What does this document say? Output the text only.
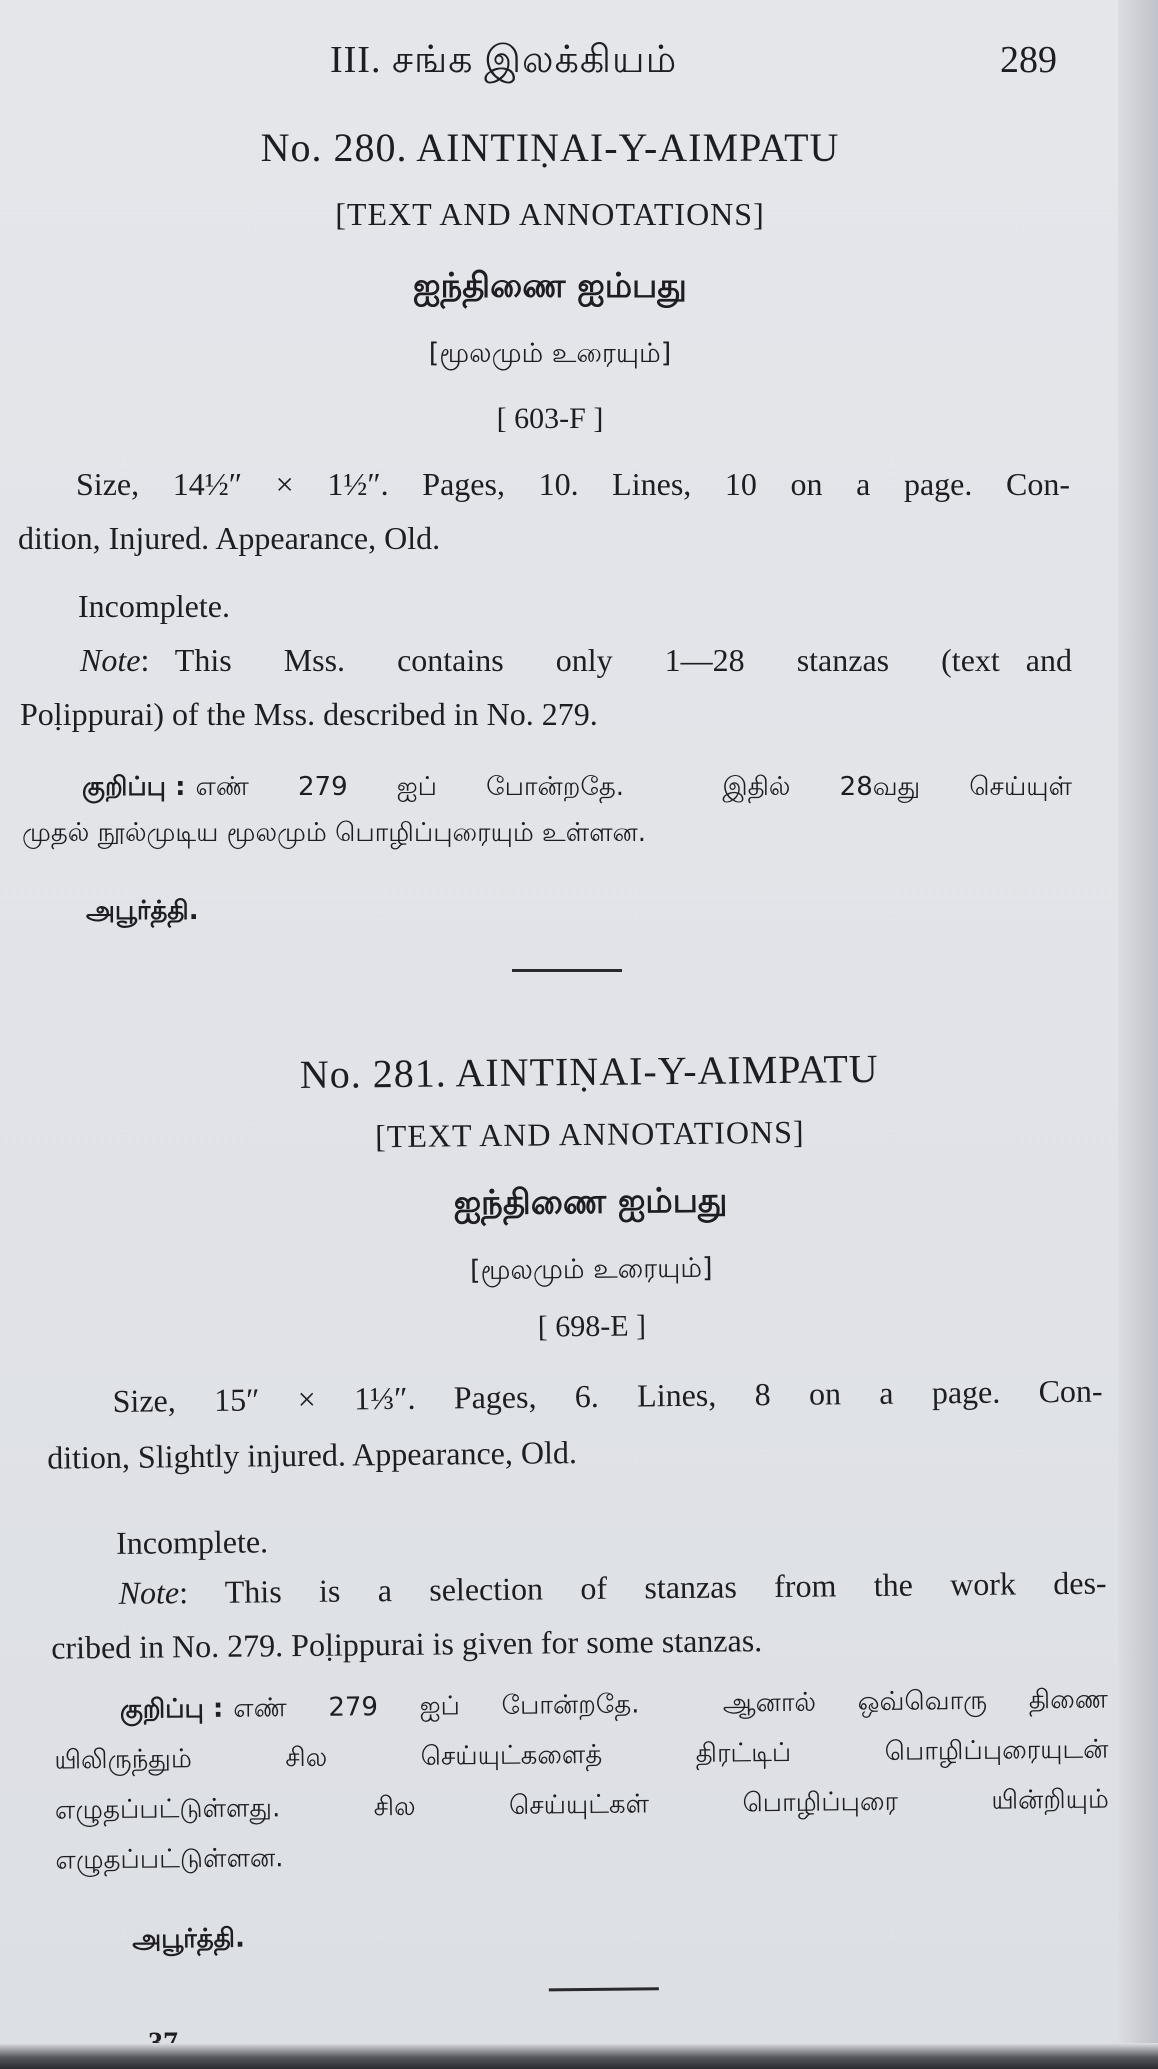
III. சங்க இலக்கியம்	289
No. 280. AINTIṆAI-Y-AIMPATU
[TEXT AND ANNOTATIONS]
ஐந்திணை ஐம்பது
[மூலமும் உரையும்]
[ 603-F ]
Size, 14½″ × 1½″. Pages, 10. Lines, 10 on a page. Con-
dition, Injured. Appearance, Old.
Incomplete.
Note : This  Mss.  contains  only  1—28  stanzas  (text and
Poḷippurai) of the Mss. described in No. 279.
குறிப்பு : எண் 279 ஐப் போன்றதே.  இதில் 28வது செய்யுள்
முதல் நூல்முடிய மூலமும் பொழிப்புரையும் உள்ளன.
அபூர்த்தி.
No. 281. AINTIṆAI-Y-AIMPATU
[TEXT AND ANNOTATIONS]
ஐந்திணை ஐம்பது
[மூலமும் உரையும்]
[ 698-E ]
Size, 15″ × 1⅓″. Pages, 6. Lines, 8 on a page. Con-
dition, Slightly injured. Appearance, Old.
Incomplete.
Note : This is a selection of stanzas from the work des-
cribed in No. 279. Poḷippurai is given for some stanzas.
குறிப்பு : எண் 279 ஐப் போன்றதே.  ஆனால் ஒவ்வொரு திணை
யிலிருந்தும் சில செய்யுட்களைத் திரட்டிப் பொழிப்புரையுடன்
எழுதப்பட்டுள்ளது. சில செய்யுட்கள் பொழிப்புரை யின்றியும்
எழுதப்பட்டுள்ளன.
அபூர்த்தி.
